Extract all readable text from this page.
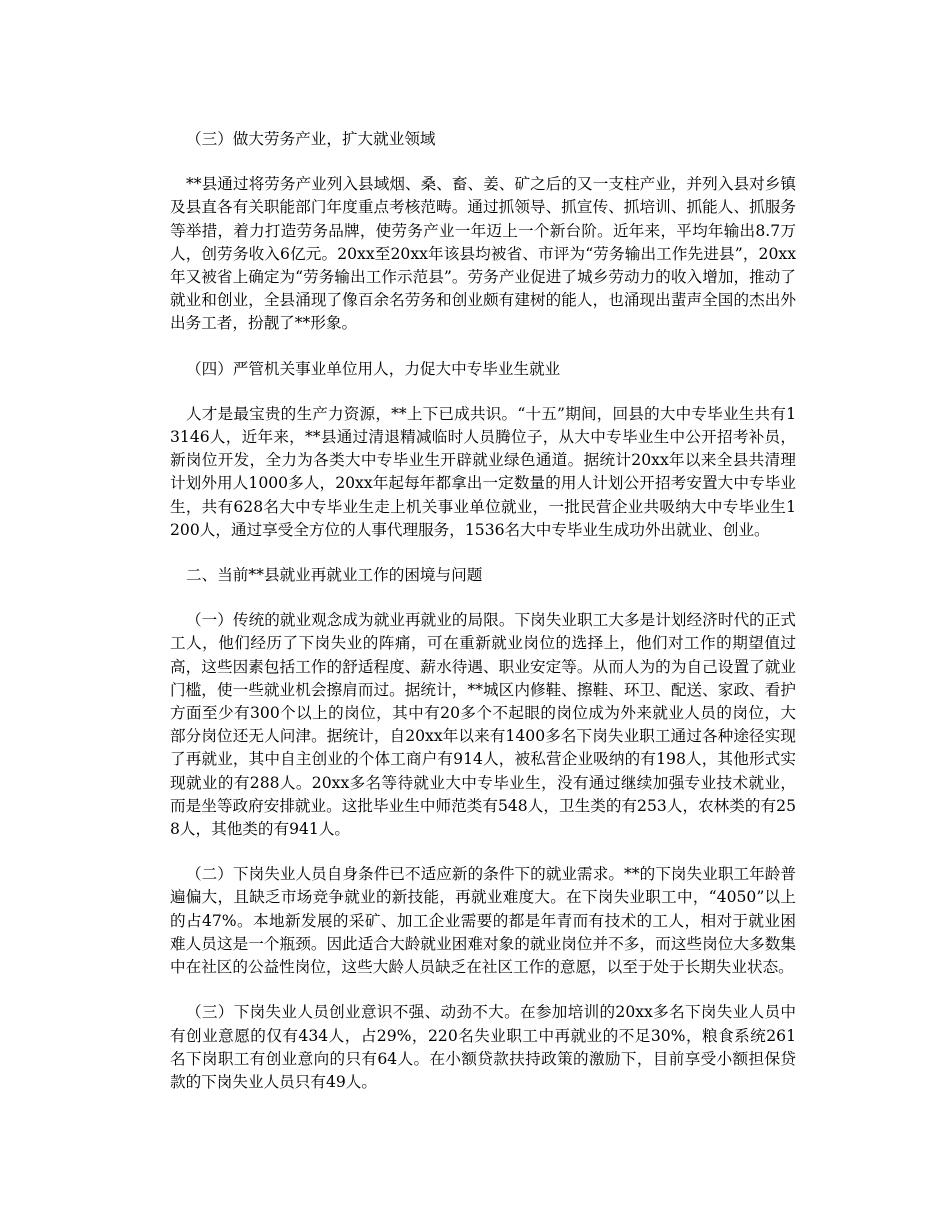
（三）做大劳务产业，扩大就业领域

**县通过将劳务产业列入县域烟、桑、畜、姜、矿之后的又一支柱产业，并列入县对乡镇及县直各有关职能部门年度重点考核范畴。通过抓领导、抓宣传、抓培训、抓能人、抓服务等举措，着力打造劳务品牌，使劳务产业一年迈上一个新台阶。近年来，平均年输出8.7万人，创劳务收入6亿元。20xx至20xx年该县均被省、市评为“劳务输出工作先进县”，20xx年又被省上确定为“劳务输出工作示范县”。劳务产业促进了城乡劳动力的收入增加，推动了就业和创业，全县涌现了像百余名劳务和创业颇有建树的能人，也涌现出蜚声全国的杰出外出务工者，扮靓了**形象。

（四）严管机关事业单位用人，力促大中专毕业生就业

人才是最宝贵的生产力资源，**上下已成共识。“十五”期间，回县的大中专毕业生共有13146人，近年来，**县通过清退精减临时人员腾位子，从大中专毕业生中公开招考补员，新岗位开发，全力为各类大中专毕业生开辟就业绿色通道。据统计20xx年以来全县共清理计划外用人1000多人，20xx年起每年都拿出一定数量的用人计划公开招考安置大中专毕业生，共有628名大中专毕业生走上机关事业单位就业，一批民营企业共吸纳大中专毕业生1200人，通过享受全方位的人事代理服务，1536名大中专毕业生成功外出就业、创业。

二、当前**县就业再就业工作的困境与问题

（一）传统的就业观念成为就业再就业的局限。下岗失业职工大多是计划经济时代的正式工人，他们经历了下岗失业的阵痛，可在重新就业岗位的选择上，他们对工作的期望值过高，这些因素包括工作的舒适程度、薪水待遇、职业安定等。从而人为的为自己设置了就业门槛，使一些就业机会擦肩而过。据统计，**城区内修鞋、擦鞋、环卫、配送、家政、看护方面至少有300个以上的岗位，其中有20多个不起眼的岗位成为外来就业人员的岗位，大部分岗位还无人问津。据统计，自20xx年以来有1400多名下岗失业职工通过各种途径实现了再就业，其中自主创业的个体工商户有914人，被私营企业吸纳的有198人，其他形式实现就业的有288人。20xx多名等待就业大中专毕业生，没有通过继续加强专业技术就业，而是坐等政府安排就业。这批毕业生中师范类有548人，卫生类的有253人，农林类的有258人，其他类的有941人。

（二）下岗失业人员自身条件已不适应新的条件下的就业需求。**的下岗失业职工年龄普遍偏大，且缺乏市场竞争就业的新技能，再就业难度大。在下岗失业职工中，“4050”以上的占47%。本地新发展的采矿、加工企业需要的都是年青而有技术的工人，相对于就业困难人员这是一个瓶颈。因此适合大龄就业困难对象的就业岗位并不多，而这些岗位大多数集中在社区的公益性岗位，这些大龄人员缺乏在社区工作的意愿，以至于处于长期失业状态。

（三）下岗失业人员创业意识不强、动劲不大。在参加培训的20xx多名下岗失业人员中有创业意愿的仅有434人，占29%，220名失业职工中再就业的不足30%，粮食系统261名下岗职工有创业意向的只有64人。在小额贷款扶持政策的激励下，目前享受小额担保贷款的下岗失业人员只有49人。
